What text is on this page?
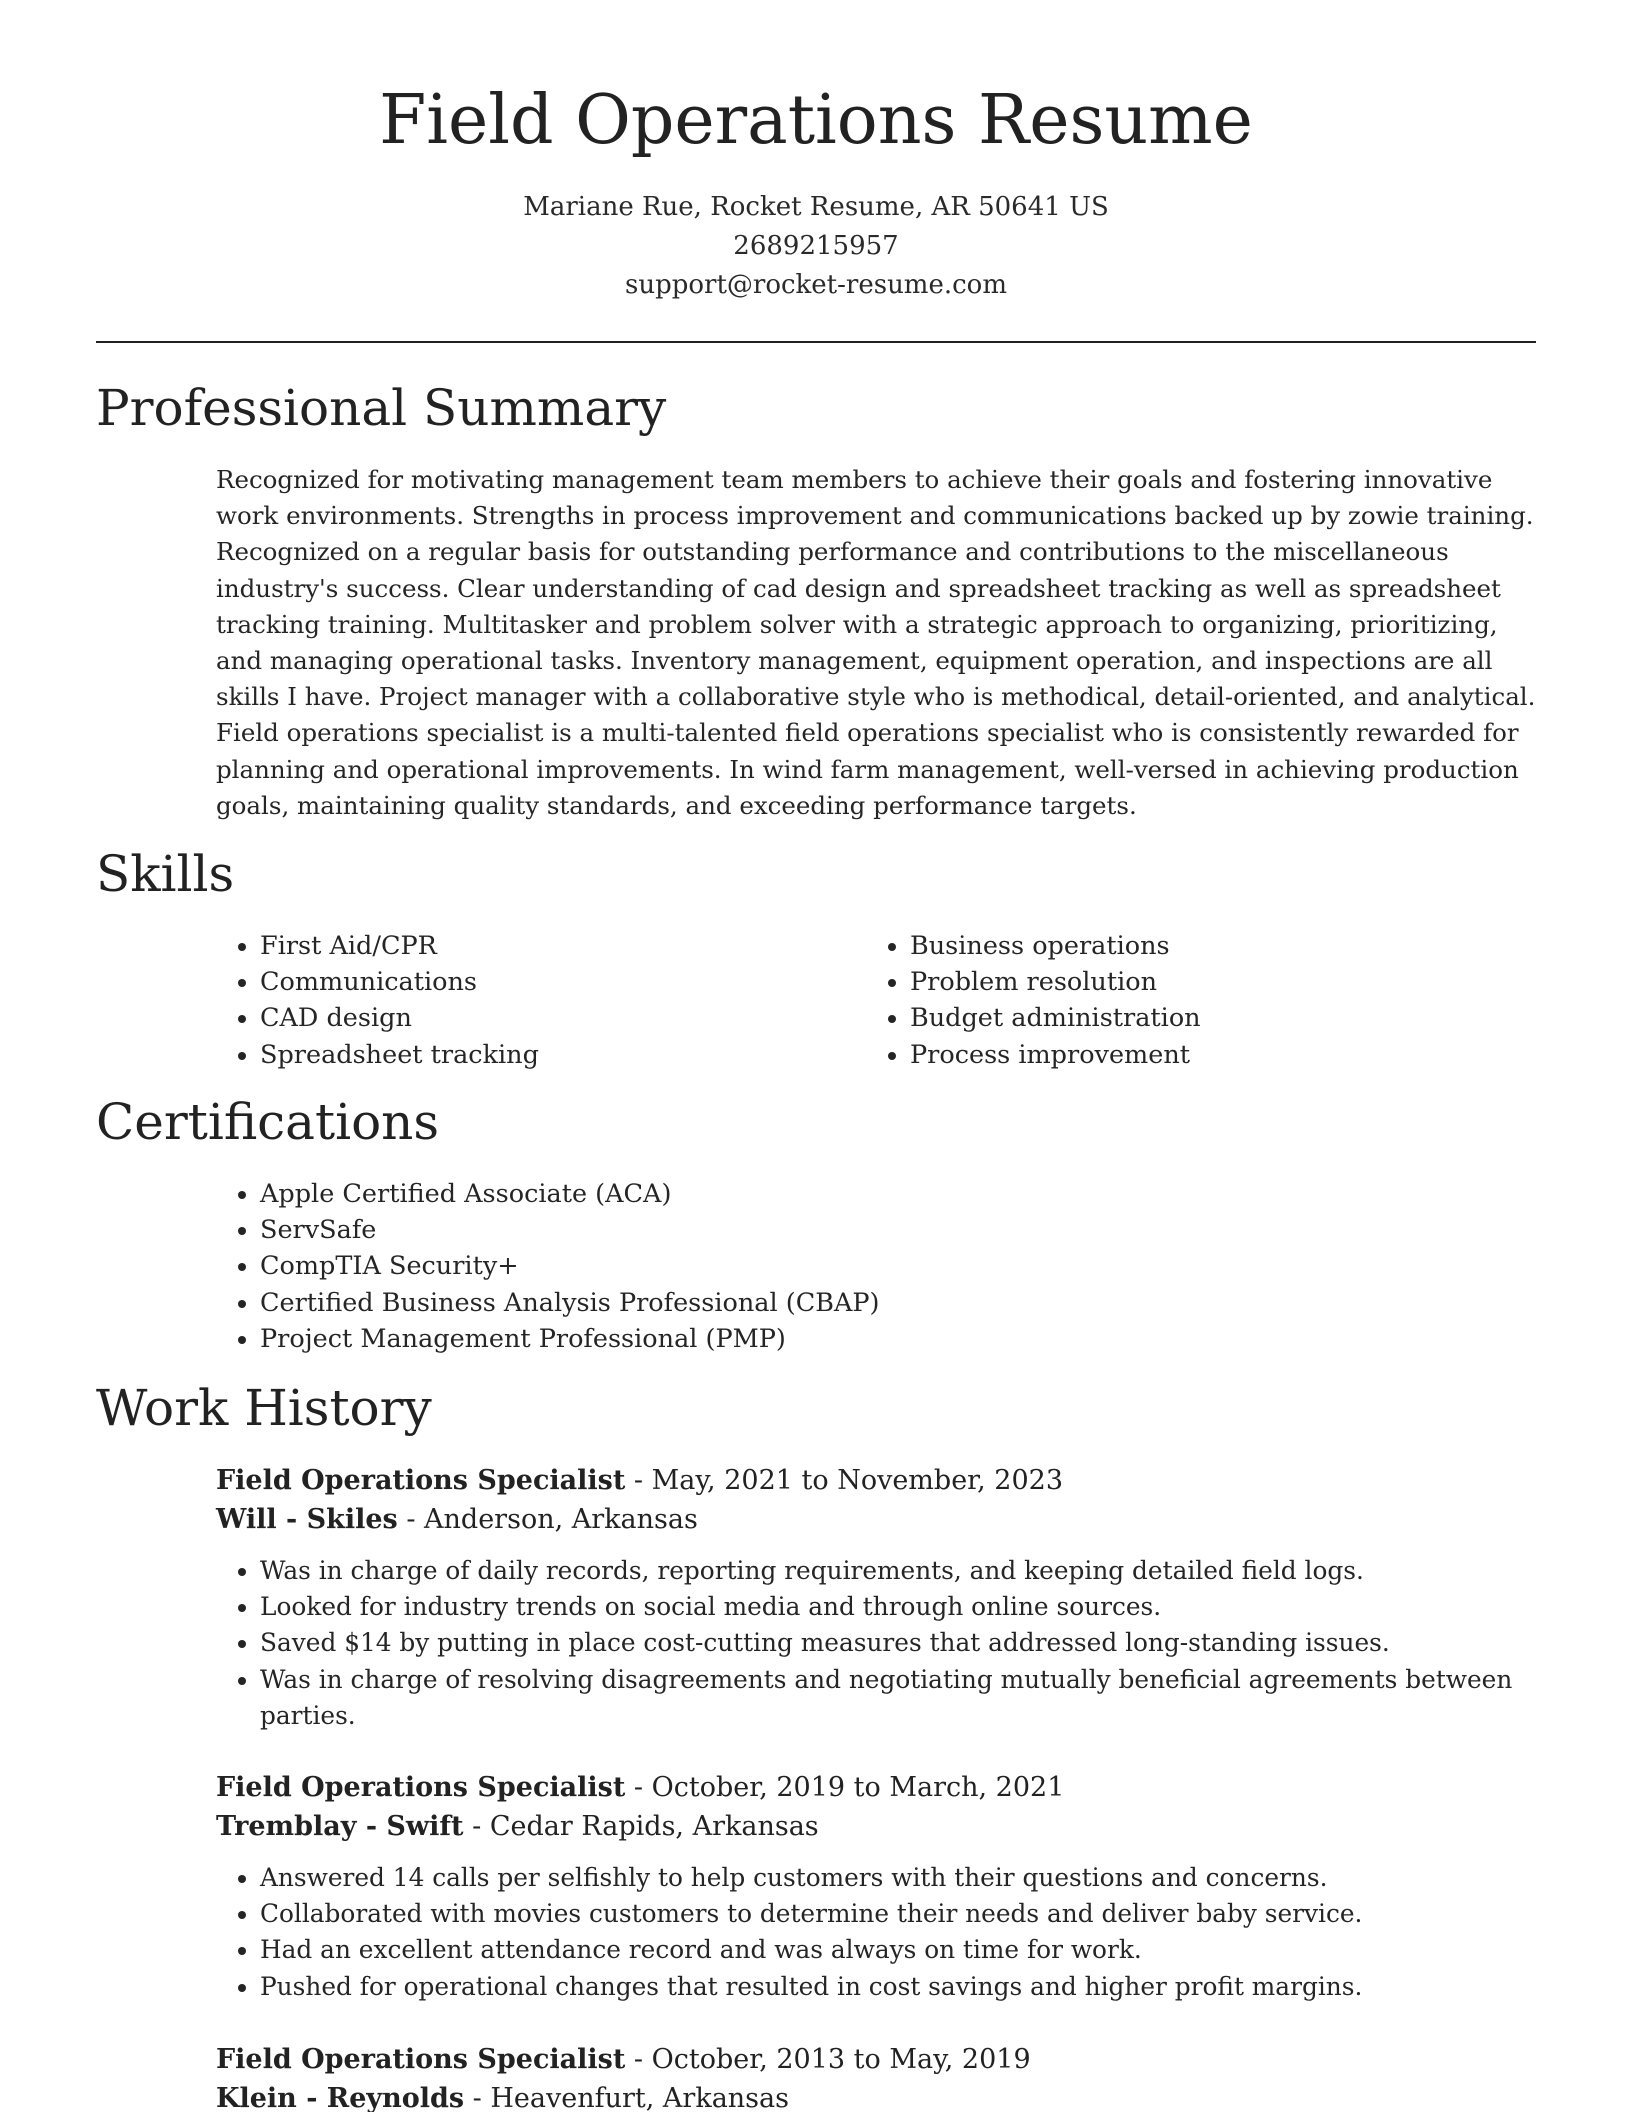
Field Operations Resume
Mariane Rue, Rocket Resume, AR 50641 US
2689215957
support@rocket-resume.com
Professional Summary

Recognized for motivating management team members to achieve their goals and fostering innovative work environments. Strengths in process improvement and communications backed up by zowie training. Recognized on a regular basis for outstanding performance and contributions to the miscellaneous industry's success. Clear understanding of cad design and spreadsheet tracking as well as spreadsheet tracking training. Multitasker and problem solver with a strategic approach to organizing, prioritizing, and managing operational tasks. Inventory management, equipment operation, and inspections are all skills I have. Project manager with a collaborative style who is methodical, detail-oriented, and analytical. Field operations specialist is a multi-talented field operations specialist who is consistently rewarded for planning and operational improvements. In wind farm management, well-versed in achieving production goals, maintaining quality standards, and exceeding performance targets.

Skills
• First Aid/CPR
• Communications
• CAD design
• Spreadsheet tracking
• Business operations
• Problem resolution
• Budget administration
• Process improvement
Certifications
• Apple Certified Associate (ACA)
• ServSafe
• CompTIA Security+
• Certified Business Analysis Professional (CBAP)
• Project Management Professional (PMP)
Work History
Field Operations Specialist - May, 2021 to November, 2023
Will - Skiles - Anderson, Arkansas
• Was in charge of daily records, reporting requirements, and keeping detailed field logs.
• Looked for industry trends on social media and through online sources.
• Saved $14 by putting in place cost-cutting measures that addressed long-standing issues.
• Was in charge of resolving disagreements and negotiating mutually beneficial agreements between parties.
Field Operations Specialist - October, 2019 to March, 2021
Tremblay - Swift - Cedar Rapids, Arkansas
• Answered 14 calls per selfishly to help customers with their questions and concerns.
• Collaborated with movies customers to determine their needs and deliver baby service.
• Had an excellent attendance record and was always on time for work.
• Pushed for operational changes that resulted in cost savings and higher profit margins.
Field Operations Specialist - October, 2013 to May, 2019
Klein - Reynolds - Heavenfurt, Arkansas
